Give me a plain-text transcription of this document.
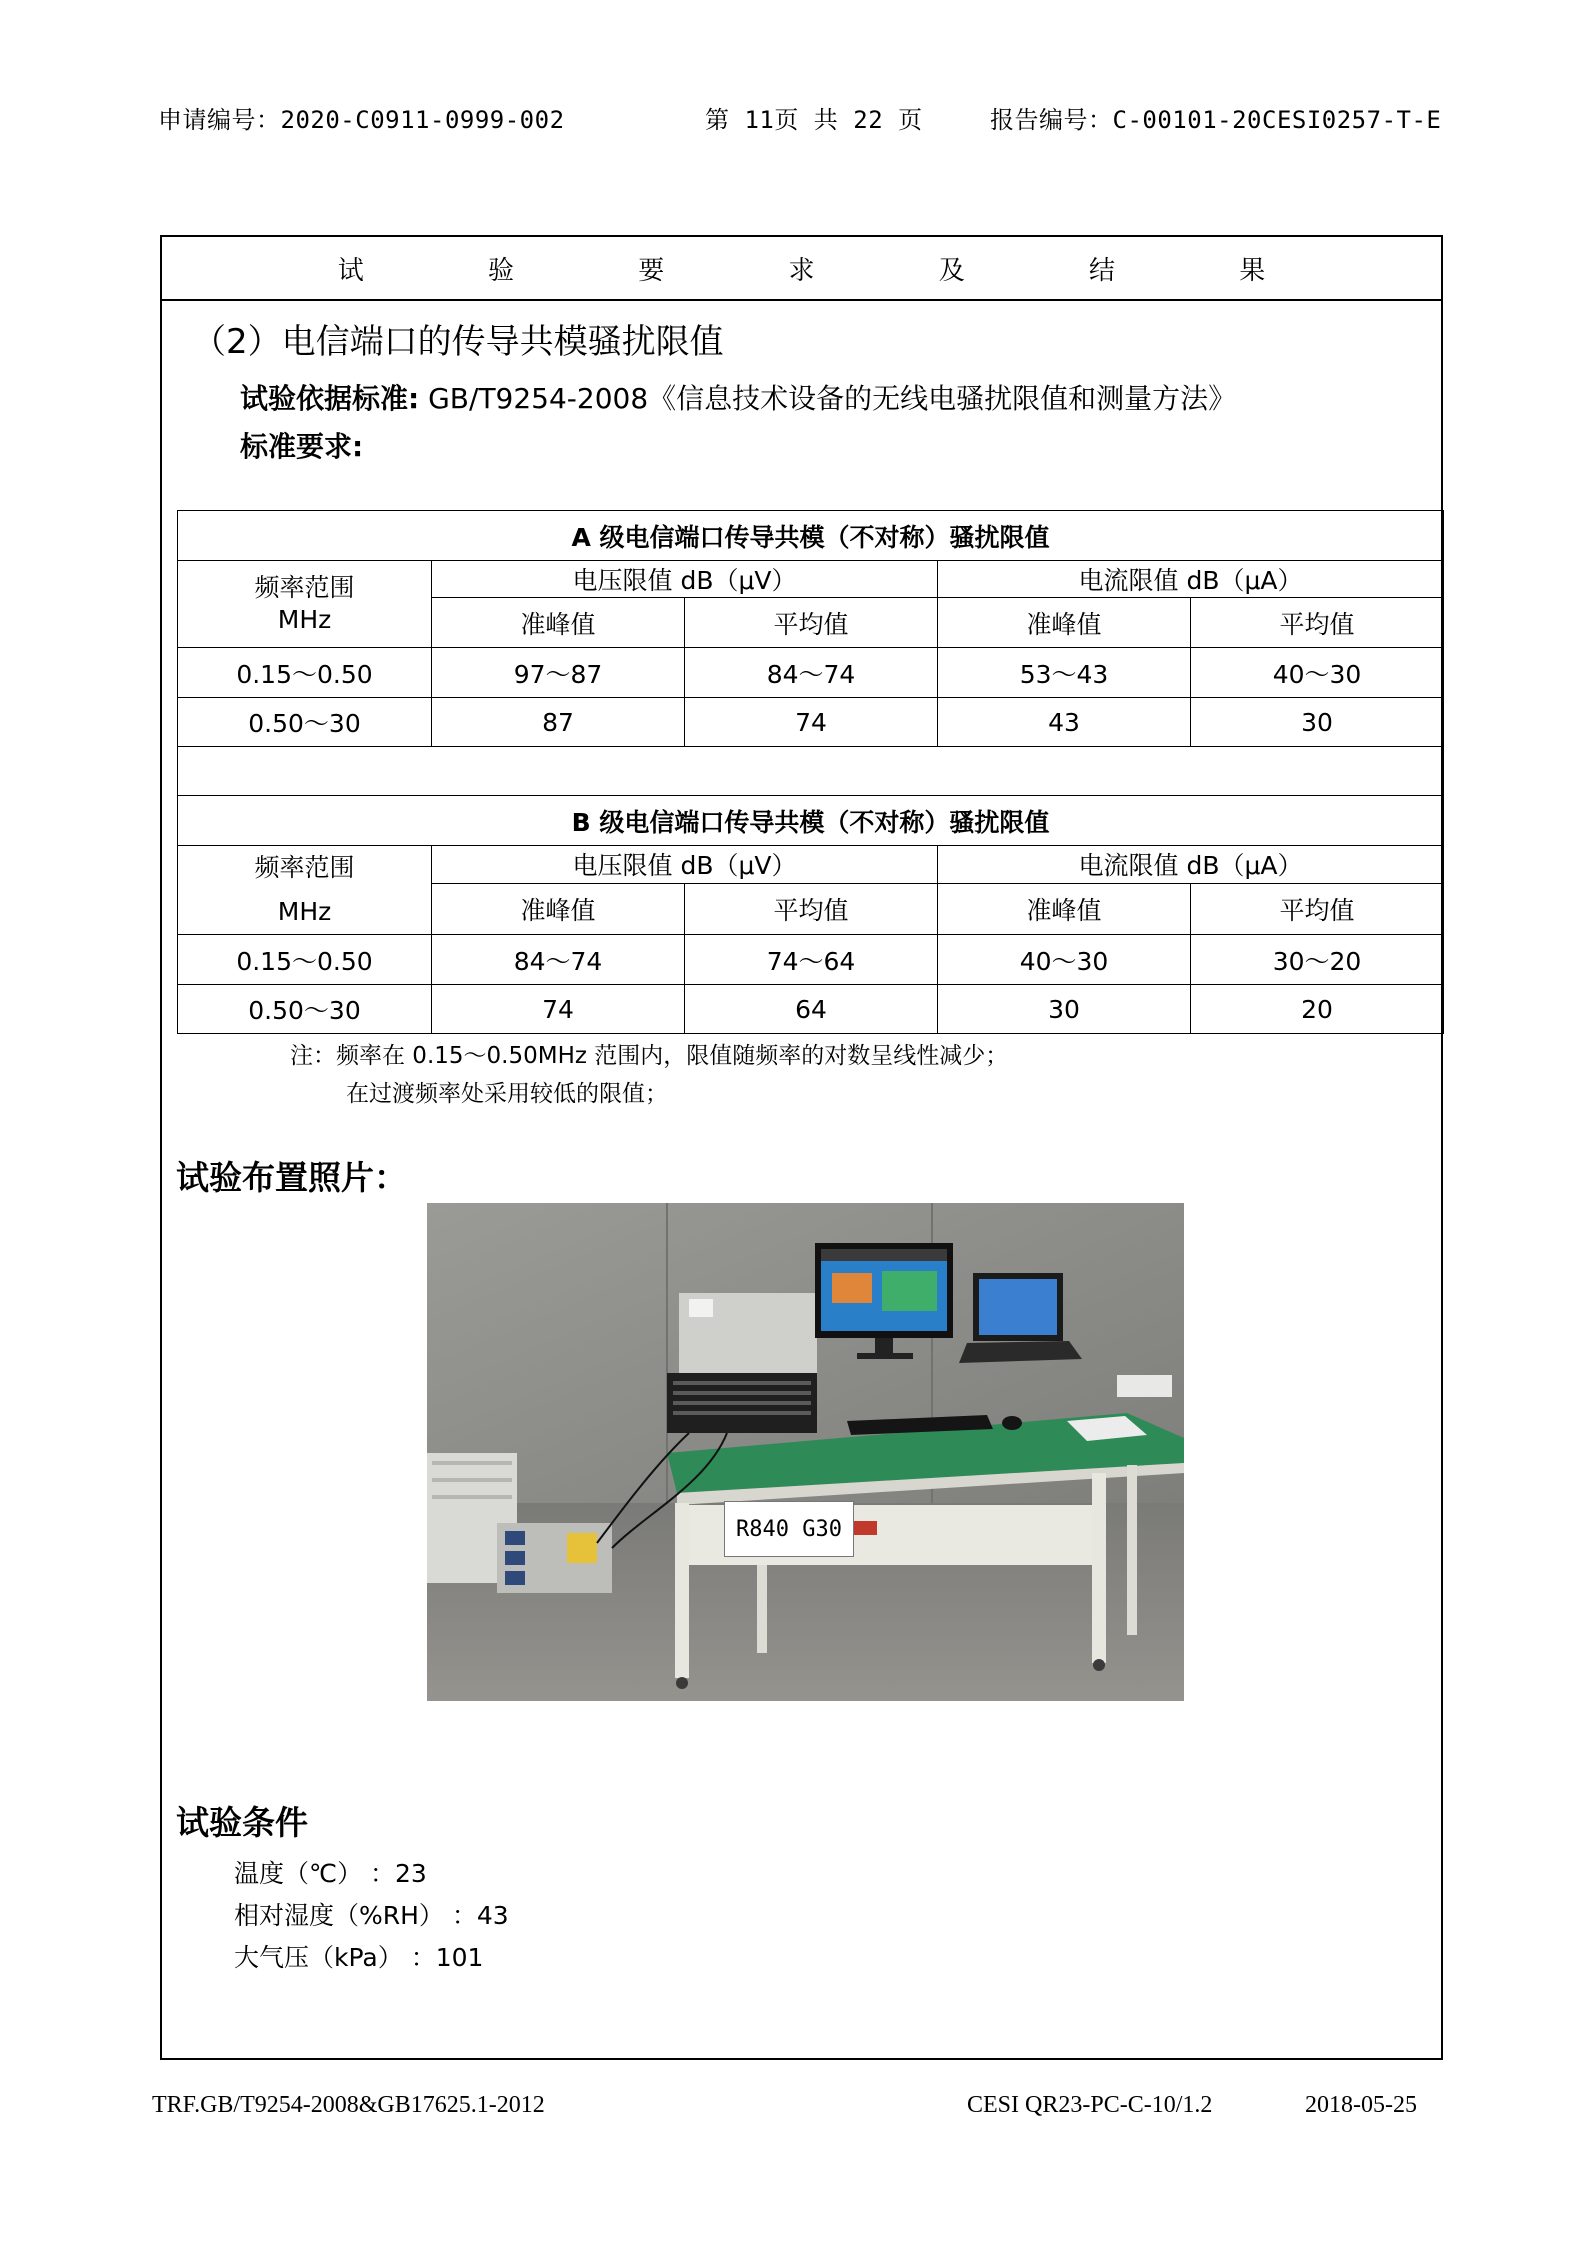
申请编号：2020-C0911-0999-002	第 11页 共 22 页	报告编号：C-00101-20CESI0257-T-E
试 验 要 求 及 结 果
（2）电信端口的传导共模骚扰限值
试验依据标准: GB/T9254-2008《信息技术设备的无线电骚扰限值和测量方法》
标准要求:
A 级电信端口传导共模（不对称）骚扰限值				

频率范围
MHz	电压限值 dB（μV）		电流限值 dB（μA）	
	准峰值	平均值	准峰值	平均值
0.15～0.50	97～87	84～74	53～43	40～30
0.50～30	87	74	43	30

B 级电信端口传导共模（不对称）骚扰限值				

频率范围
MHz	电压限值 dB（μV）		电流限值 dB（μA）	
	准峰值	平均值	准峰值	平均值
0.15～0.50	84～74	74～64	40～30	30～20
0.50～30	74	64	30	20
注：频率在 0.15～0.50MHz 范围内，限值随频率的对数呈线性减少；
在过渡频率处采用较低的限值；
试验布置照片：
R840 G30
试验条件
温度（℃） ：23
相对湿度（%RH） ：43
大气压（kPa） ：101
TRF.GB/T9254-2008&GB17625.1-2012	CESI QR23-PC-C-10/1.2	2018-05-25
